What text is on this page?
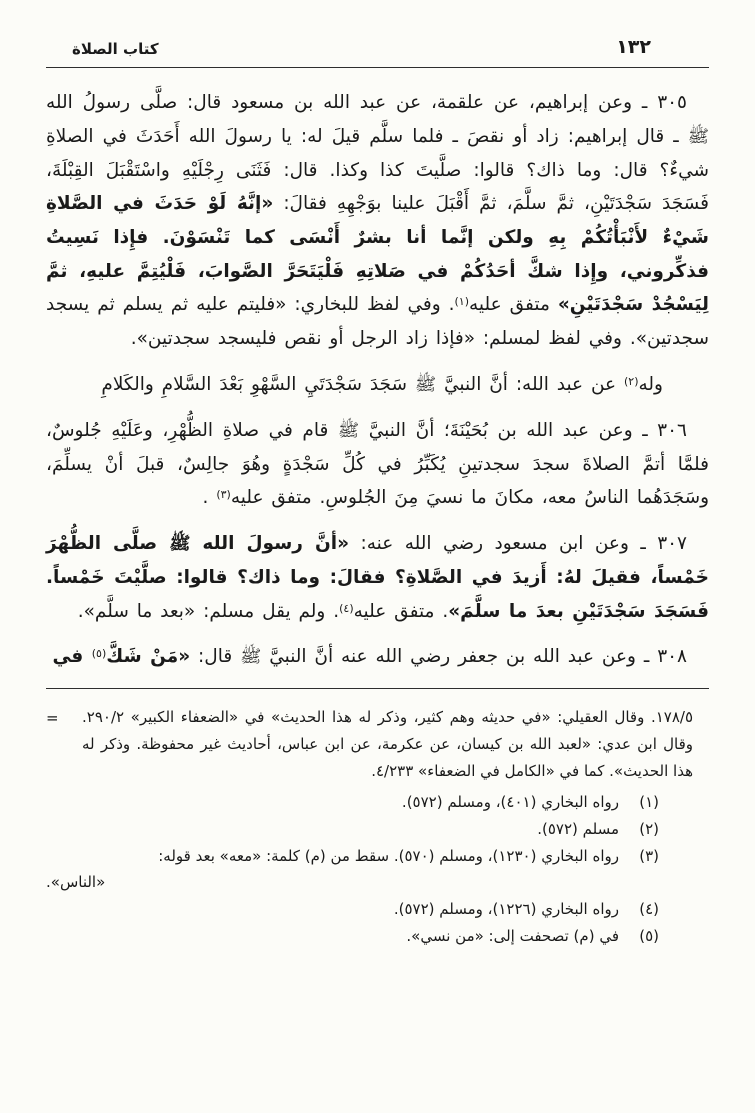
كتاب الصلاة	١٣٢

٣٠٥ ـ وعن إبراهيم، عن علقمة، عن عبد الله بن مسعود قال: صلَّى رسولُ الله ﷺ ـ قال إبراهيم: زاد أو نقصَ ـ فلما سلَّم قيلَ له: يا رسولَ الله أَحَدَثَ في الصلاةِ شيءٌ؟ قال: وما ذاك؟ قالوا: صلَّيتَ كذا وكذا. قال: فَثَنَى رِجْلَيْهِ واسْتَقْبَلَ القِبْلَةَ، فَسَجَدَ سَجْدَتَيْنِ، ثمَّ سلَّمَ، ثمَّ أَقْبَلَ علينا بوَجْهِهِ فقالَ: «إنَّهُ لَوْ حَدَثَ في الصَّلاةِ شَيْءٌ لأَنْبَأْتُكُمْ بِهِ ولكن إنَّما أنا بشرٌ أَنْسَى كما تَنْسَوْنَ. فإِذا نَسِيتُ فذكِّروني، وإِذا شكَّ أحَدُكُمْ في صَلاتِهِ فَلْيَتَحَرَّ الصَّوابَ، فَلْيُتِمَّ عليهِ، ثمَّ لِيَسْجُدْ سَجْدَتَيْنِ» متفق عليه$^{(١)}$. وفي لفظ للبخاري: «فليتم عليه ثم يسلم ثم يسجد سجدتين». وفي لفظ لمسلم: «فإذا زاد الرجل أو نقص فليسجد سجدتين».

وله$^{(٢)}$ عن عبد الله: أنَّ النبيَّ ﷺ سَجَدَ سَجْدَتَيِ السَّهْوِ بَعْدَ السَّلامِ والكَلامِ

٣٠٦ ـ وعن عبد الله بن بُحَيْنَةَ؛ أنَّ النبيَّ ﷺ قام في صلاةِ الظُّهْرِ، وعَلَيْهِ جُلوسٌ، فلمَّا أتمَّ الصلاةَ سجدَ سجدتينِ يُكَبِّرُ في كُلِّ سَجْدَةٍ وهُوَ جالِسٌ، قبلَ أنْ يسلِّمَ، وسَجَدَهُما الناسُ معه، مكانَ ما نسيَ مِنَ الجُلوسِ. متفق عليه$^{(٣)}$ .

٣٠٧ ـ وعن ابن مسعود رضي الله عنه: «أنَّ رسولَ الله ﷺ صلَّى الظُّهْرَ خَمْساً، فقيلَ لهُ: أَزيدَ في الصَّلاةِ؟ فقالَ: وما ذاك؟ قالوا: صلَّيْتَ خَمْساً. فَسَجَدَ سَجْدَتَيْنِ بعدَ ما سلَّمَ». متفق عليه$^{(٤)}$. ولم يقل مسلم: «بعد ما سلَّم».

٣٠٨ ـ وعن عبد الله بن جعفر رضي الله عنه أنَّ النبيَّ ﷺ قال: «مَنْ شَكَّ$^{(٥)}$ في

= ١٧٨/٥. وقال العقيلي: «في حديثه وهم كثير، وذكر له هذا الحديث» في «الضعفاء الكبير» ٢٩٠/٢. وقال ابن عدي: «لعبد الله بن كيسان، عن عكرمة، عن ابن عباس، أحاديث غير محفوظة. وذكر له هذا الحديث». كما في «الكامل في الضعفاء» ٤/٢٣٣.
(١)رواه البخاري (٤٠١)، ومسلم (٥٧٢).
(٢)مسلم (٥٧٢).
(٣)رواه البخاري (١٢٣٠)، ومسلم (٥٧٠). سقط من (م) كلمة: «معه» بعد قوله:
«الناس».
(٤)رواه البخاري (١٢٢٦)، ومسلم (٥٧٢).
(٥)في (م) تصحفت إلى: «من نسي».
